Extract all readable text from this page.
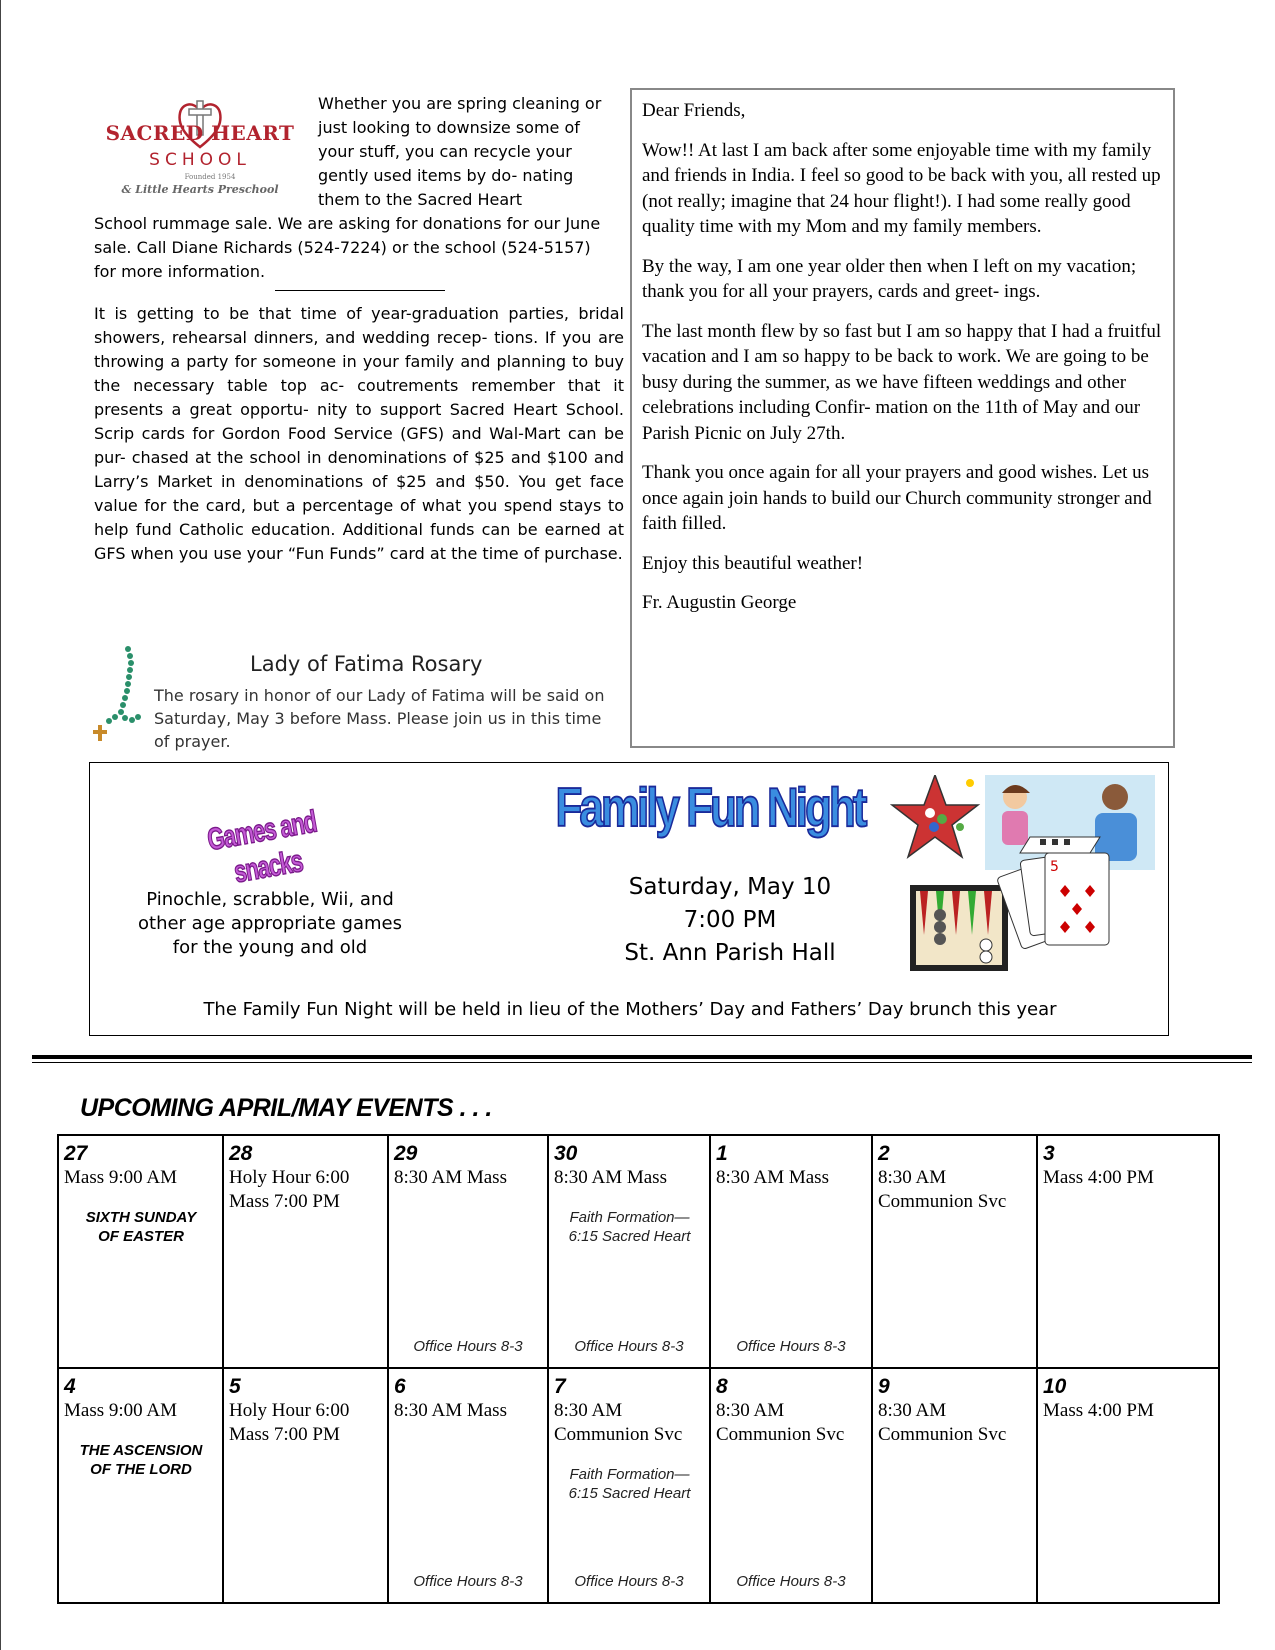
SACRED HEART
SCHOOL
Founded 1954
& Little Hearts Preschool
Whether you are spring cleaning or just looking to downsize some of your stuff, you can recycle your gently used items by do- nating them to the Sacred Heart
School rummage sale. We are asking for donations for our June sale. Call Diane Richards (524-7224) or the school (524-5157) for more information.
It is getting to be that time of year-graduation parties, bridal showers, rehearsal dinners, and wedding recep- tions. If you are throwing a party for someone in your family and planning to buy the necessary table top ac- coutrements remember that it presents a great opportu- nity to support Sacred Heart School. Scrip cards for Gordon Food Service (GFS) and Wal-Mart can be pur- chased at the school in denominations of $25 and $100 and Larry’s Market in denominations of $25 and $50. You get face value for the card, but a percentage of what you spend stays to help fund Catholic education. Additional funds can be earned at GFS when you use your “Fun Funds” card at the time of purchase.
Lady of Fatima Rosary
The rosary in honor of our Lady of Fatima will be said on Saturday, May 3 before Mass. Please join us in this time of prayer.

Dear Friends,

Wow!! At last I am back after some enjoyable time with my family and friends in India. I feel so good to be back with you, all rested up (not really; imagine that 24 hour flight!). I had some really good quality time with my Mom and my family members.

By the way, I am one year older then when I left on my vacation; thank you for all your prayers, cards and greet- ings.

The last month flew by so fast but I am so happy that I had a fruitful vacation and I am so happy to be back to work. We are going to be busy during the summer, as we have fifteen weddings and other celebrations including Confir- mation on the 11th of May and our Parish Picnic on July 27th.

Thank you once again for all your prayers and good wishes. Let us once again join hands to build our Church community stronger and faith filled.

Enjoy this beautiful weather!

Fr. Augustin George

Family Fun Night
Games and snacks
Pinochle, scrabble, Wii, and
other age appropriate games
for the young and old
Saturday, May 10
7:00 PM
St. Ann Parish Hall
5
The Family Fun Night will be held in lieu of the Mothers’ Day and Fathers’ Day brunch this year
UPCOMING APRIL/MAY EVENTS . . .
27
Mass 9:00 AM
SIXTH SUNDAY
OF EASTER
28
Holy Hour 6:00
Mass 7:00 PM
29
8:30 AM Mass
Office Hours 8-3
30
8:30 AM Mass
Faith Formation—
6:15 Sacred Heart
Office Hours 8-3
1
8:30 AM Mass
Office Hours 8-3
2
8:30 AM
Communion Svc
3
Mass 4:00 PM
4
Mass 9:00 AM
THE ASCENSION
OF THE LORD
5
Holy Hour 6:00
Mass 7:00 PM
6
8:30 AM Mass
Office Hours 8-3
7
8:30 AM
Communion Svc
Faith Formation—
6:15 Sacred Heart
Office Hours 8-3
8
8:30 AM
Communion Svc
Office Hours 8-3
9
8:30 AM
Communion Svc
10
Mass 4:00 PM
